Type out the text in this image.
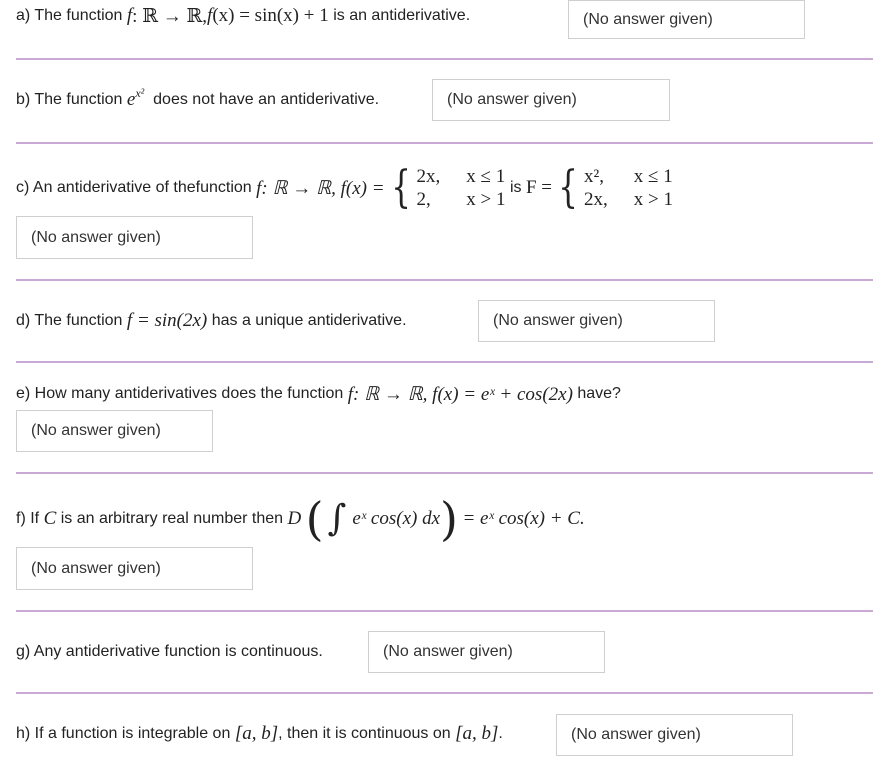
a) The function
f : ℝ → ℝ, f (x) = sin(x) + 1
is an antiderivative.	(No answer given)
b) The function
$e^{x^2}$
does not have an antiderivative.	(No answer given)
c) An antiderivative of thefunction
f: ℝ → ℝ, f(x) = { 2x, x ≤ 1
2,	x > 1

is
F = { x², x ≤ 1
2x, x > 1
(No answer given)
d) The function
f = sin(2x)
has a unique antiderivative.	(No answer given)
e) How many antiderivatives does the function
f: ℝ → ℝ, f(x) = eˣ + cos(2x)
have?
(No answer given)
f) If
C
is an arbitrary real number then
D
( ∫ eˣ cos(x) dx )
= eˣ cos(x) + C.
(No answer given)
g) Any antiderivative function is continuous.	(No answer given)
h) If a function is integrable on
[a, b] , then it is continuous on
[a, b] .	(No answer given)
